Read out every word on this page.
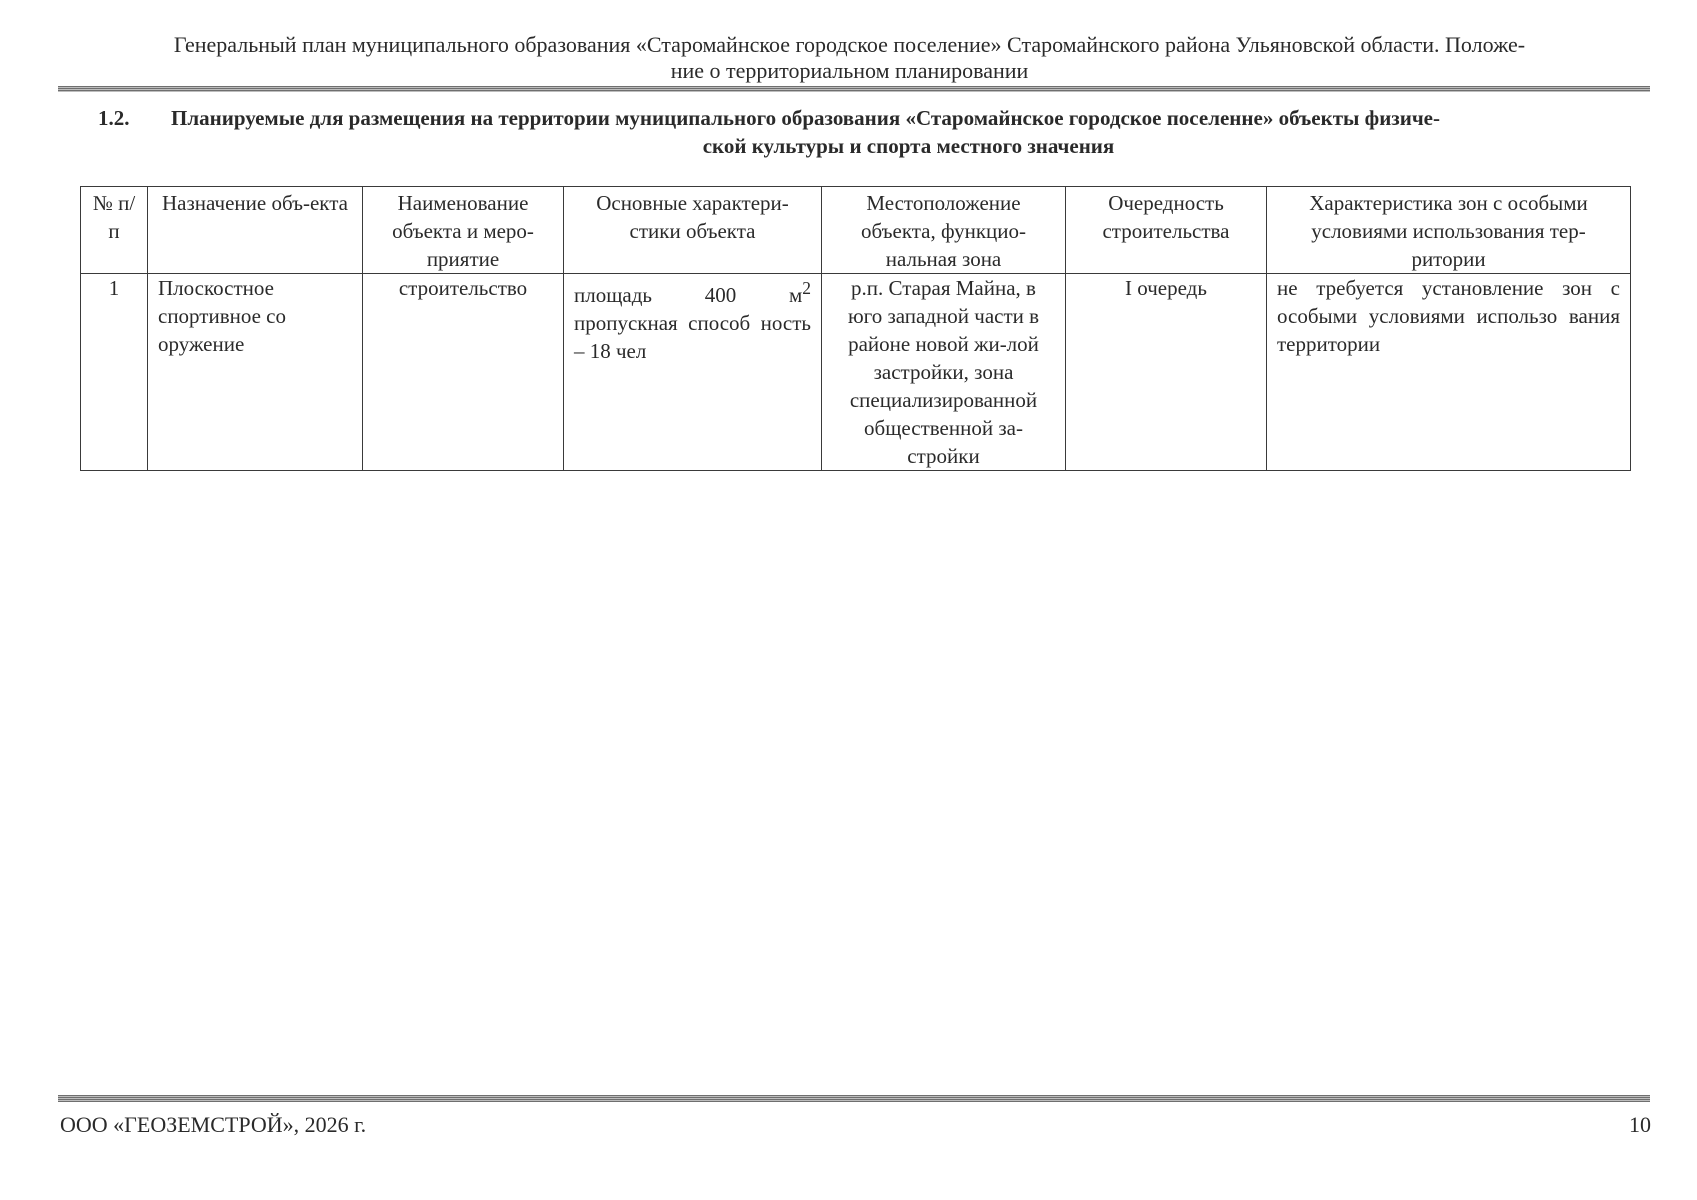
Генеральный план муниципального образования «Старомайнское городское поселение» Старомайнского района Ульяновской области. Положе-
ние о территориальном планировании
1.2. Планируемые для размещения на территории муниципального образования «Старомайнское городское поселенне» объекты физиче-
ской культуры и спорта местного значения
№ п/п	Назначение объ-екта	Наименование объекта и меро-приятие	Основные характери-стики объекта	Местоположение объекта, функцио-нальная зона	Очередность строительства	Характеристика зон с особыми условиями использования тер-ритории
1	Плоскостное спортивное со оружение	строительство	площадь 400 $м^2$ пропускная способ ность – 18 чел	р.п. Старая Майна, в юго западной части в районе новой жи-лой застройки, зона специализированной общественной за-стройки	I очередь	не требуется установление зон с особыми условиями использо вания территории
ООО «ГЕОЗЕМСТРОЙ», 2026 г.	10
